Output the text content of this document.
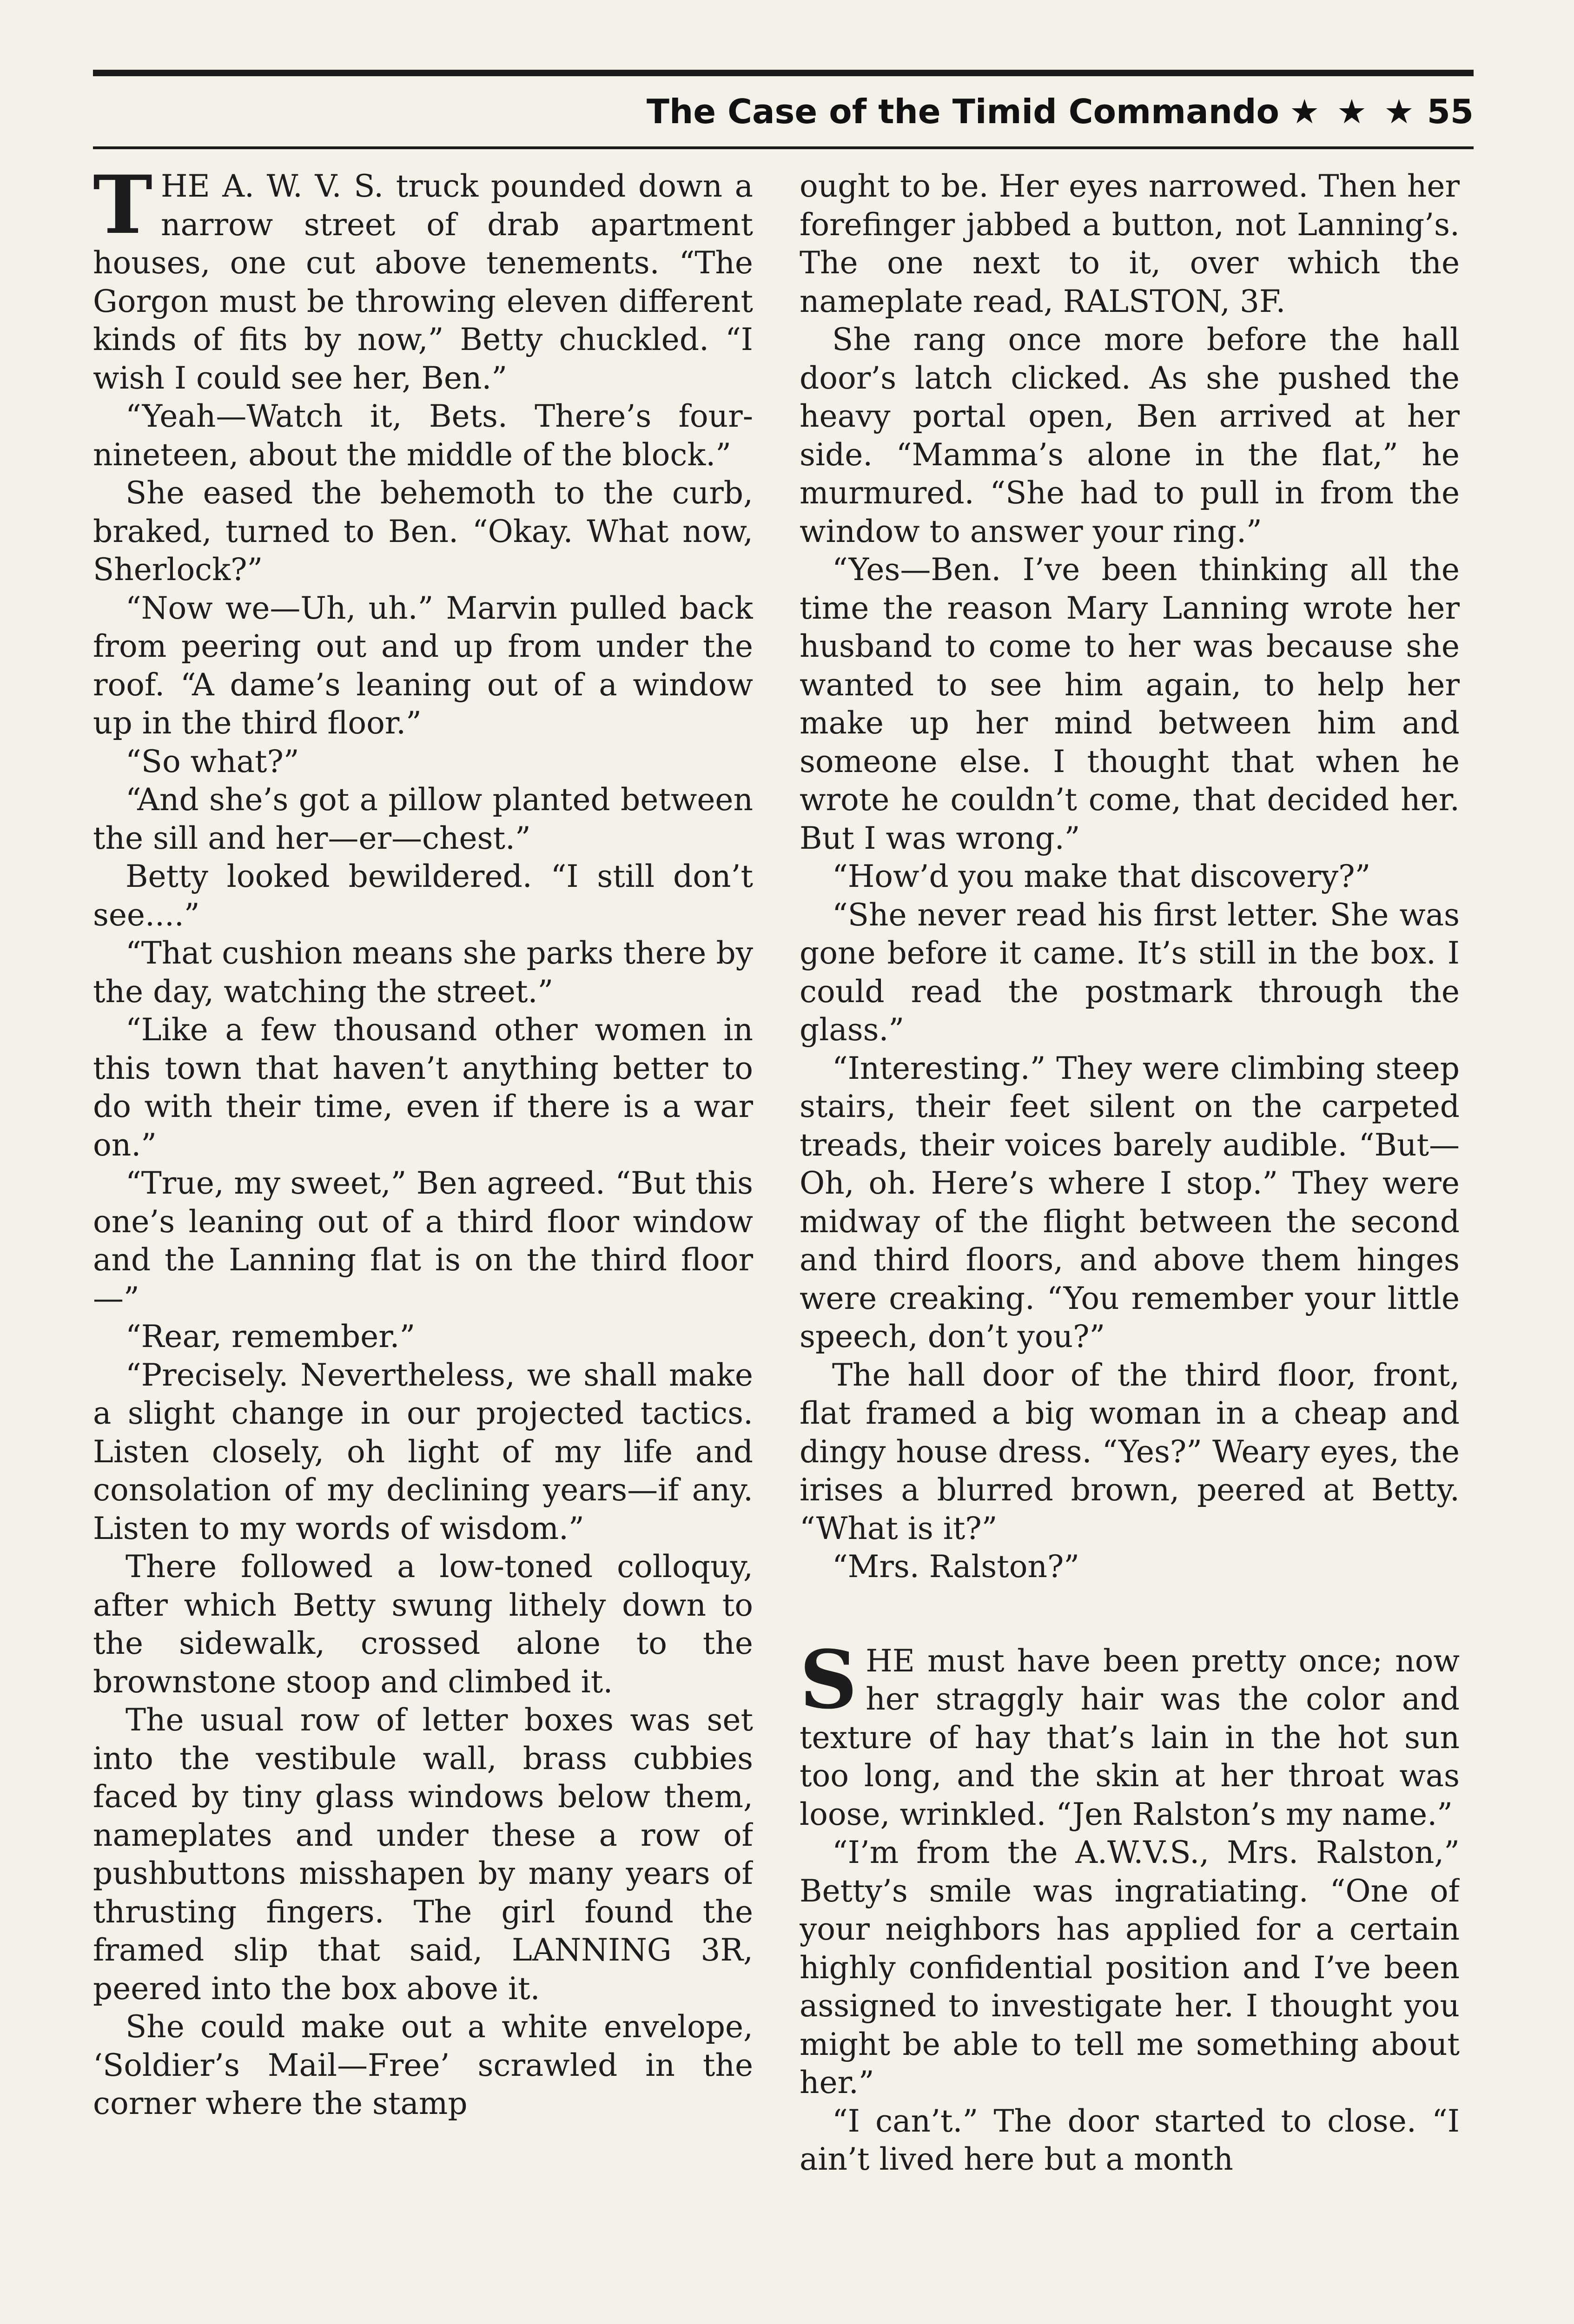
The Case of the Timid Commando ★ ★ ★ 55

THE A. W. V. S. truck pounded down a narrow street of drab apartment houses, one cut above tenements. “The Gorgon must be throwing eleven different kinds of fits by now,” Betty chuckled. “I wish I could see her, Ben.”

“Yeah—Watch it, Bets. There’s four-nineteen, about the middle of the block.”

She eased the behemoth to the curb, braked, turned to Ben. “Okay. What now, Sherlock?”

“Now we—Uh, uh.” Marvin pulled back from peering out and up from under the roof. “A dame’s leaning out of a window up in the third floor.”

“So what?”

“And she’s got a pillow planted between the sill and her—er—chest.”

Betty looked bewildered. “I still don’t see....”

“That cushion means she parks there by the day, watching the street.”

“Like a few thousand other women in this town that haven’t anything better to do with their time, even if there is a war on.”

“True, my sweet,” Ben agreed. “But this one’s leaning out of a third floor window and the Lanning flat is on the third floor—”

“Rear, remember.”

“Precisely. Nevertheless, we shall make a slight change in our projected tactics. Listen closely, oh light of my life and consolation of my declining years—if any. Listen to my words of wisdom.”

There followed a low-toned colloquy, after which Betty swung lithely down to the sidewalk, crossed alone to the brownstone stoop and climbed it.

The usual row of letter boxes was set into the vestibule wall, brass cubbies faced by tiny glass windows below them, nameplates and under these a row of pushbuttons misshapen by many years of thrusting fingers. The girl found the framed slip that said, LANNING 3R, peered into the box above it.

She could make out a white envelope, ‘Soldier’s Mail—Free’ scrawled in the corner where the stamp

ought to be. Her eyes narrowed. Then her forefinger jabbed a button, not Lanning’s. The one next to it, over which the nameplate read, RALSTON, 3F.

She rang once more before the hall door’s latch clicked. As she pushed the heavy portal open, Ben arrived at her side. “Mamma’s alone in the flat,” he murmured. “She had to pull in from the window to answer your ring.”

“Yes—Ben. I’ve been thinking all the time the reason Mary Lanning wrote her husband to come to her was because she wanted to see him again, to help her make up her mind between him and someone else. I thought that when he wrote he couldn’t come, that decided her. But I was wrong.”

“How’d you make that discovery?”

“She never read his first letter. She was gone before it came. It’s still in the box. I could read the postmark through the glass.”

“Interesting.” They were climbing steep stairs, their feet silent on the carpeted treads, their voices barely audible. “But—Oh, oh. Here’s where I stop.” They were midway of the flight between the second and third floors, and above them hinges were creaking. “You remember your little speech, don’t you?”

The hall door of the third floor, front, flat framed a big woman in a cheap and dingy house dress. “Yes?” Weary eyes, the irises a blurred brown, peered at Betty. “What is it?”

“Mrs. Ralston?”

SHE must have been pretty once; now her straggly hair was the color and texture of hay that’s lain in the hot sun too long, and the skin at her throat was loose, wrinkled. “Jen Ralston’s my name.”

“I’m from the A.W.V.S., Mrs. Ralston,” Betty’s smile was ingratiating. “One of your neighbors has applied for a certain highly confidential position and I’ve been assigned to investigate her. I thought you might be able to tell me something about her.”

“I can’t.” The door started to close. “I ain’t lived here but a month
